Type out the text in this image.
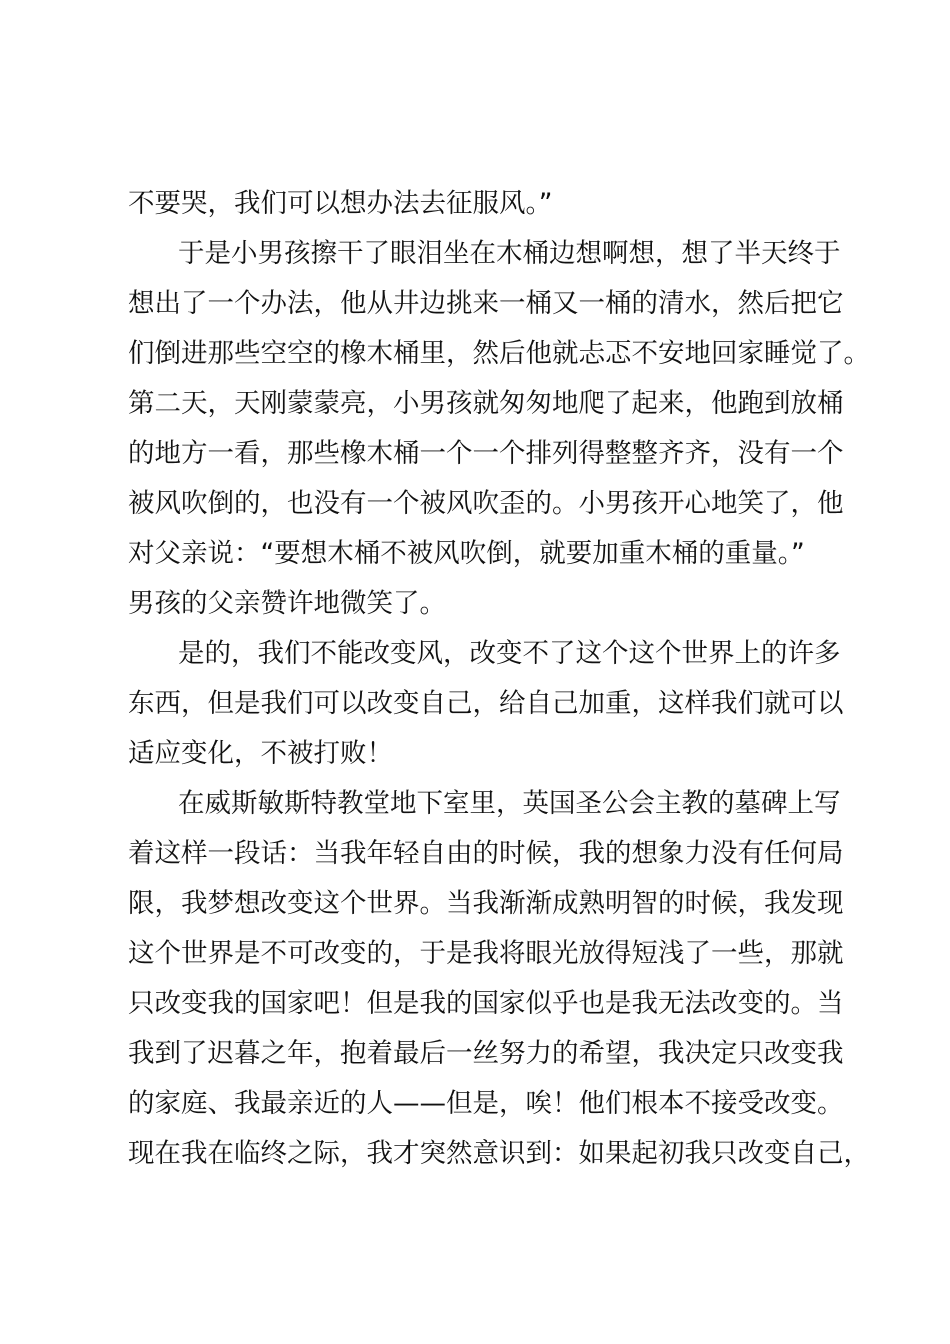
不要哭，我们可以想办法去征服风。”
于是小男孩擦干了眼泪坐在木桶边想啊想，想了半天终于
想出了一个办法，他从井边挑来一桶又一桶的清水，然后把它
们倒进那些空空的橡木桶里，然后他就忐忑不安地回家睡觉了。
第二天，天刚蒙蒙亮，小男孩就匆匆地爬了起来，他跑到放桶
的地方一看，那些橡木桶一个一个排列得整整齐齐，没有一个
被风吹倒的，也没有一个被风吹歪的。小男孩开心地笑了，他
对父亲说：“要想木桶不被风吹倒，就要加重木桶的重量。”
男孩的父亲赞许地微笑了。
是的，我们不能改变风，改变不了这个这个世界上的许多
东西，但是我们可以改变自己，给自己加重，这样我们就可以
适应变化，不被打败！
在威斯敏斯特教堂地下室里，英国圣公会主教的墓碑上写
着这样一段话：当我年轻自由的时候，我的想象力没有任何局
限，我梦想改变这个世界。当我渐渐成熟明智的时候，我发现
这个世界是不可改变的，于是我将眼光放得短浅了一些，那就
只改变我的国家吧！但是我的国家似乎也是我无法改变的。当
我到了迟暮之年，抱着最后一丝努力的希望，我决定只改变我
的家庭、我最亲近的人——但是，唉！他们根本不接受改变。
现在我在临终之际，我才突然意识到：如果起初我只改变自己，
